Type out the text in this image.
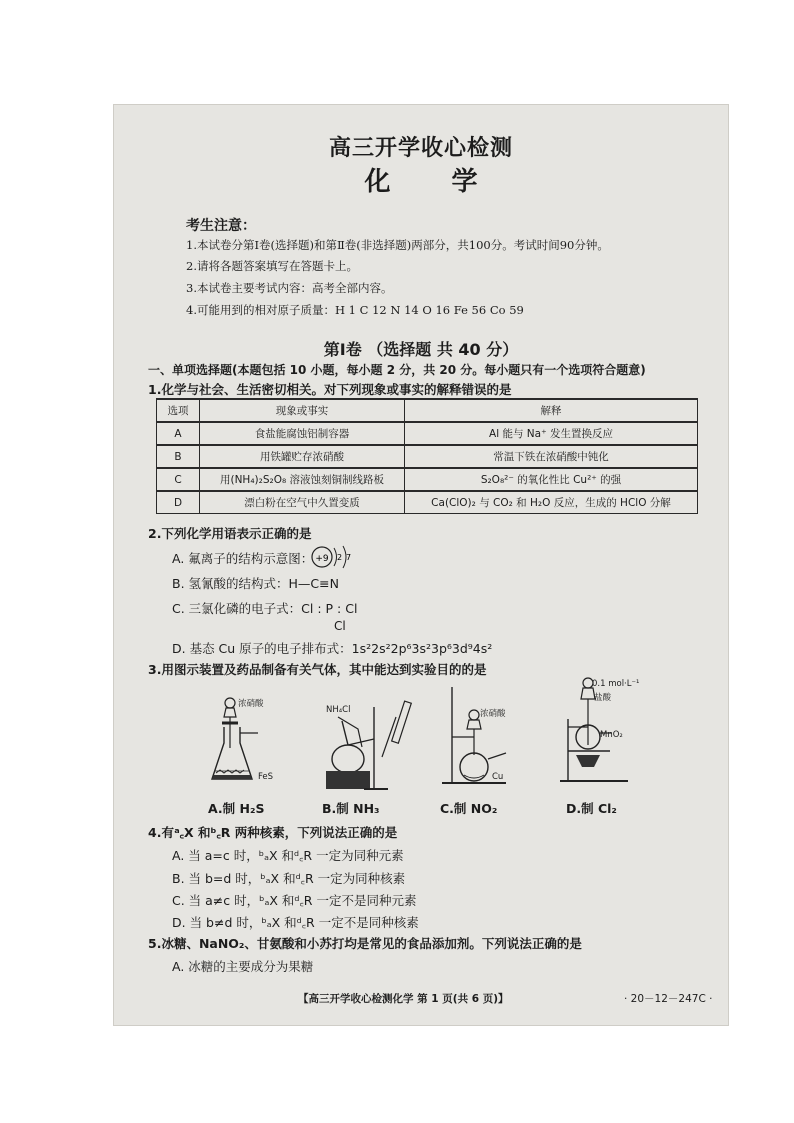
高三开学收心检测
化 学
考生注意：
1.本试卷分第Ⅰ卷(选择题)和第Ⅱ卷(非选择题)两部分，共100分。考试时间90分钟。
2.请将各题答案填写在答题卡上。
3.本试卷主要考试内容：高考全部内容。
4.可能用到的相对原子质量：H 1 C 12 N 14 O 16 Fe 56 Co 59
第Ⅰ卷 （选择题 共 40 分）
一、单项选择题(本题包括 10 小题，每小题 2 分，共 20 分。每小题只有一个选项符合题意)
1.化学与社会、生活密切相关。对下列现象或事实的解释错误的是
选项	现象或事实	解释
A	食盐能腐蚀铝制容器	Al 能与 Na⁺ 发生置换反应
B	用铁罐贮存浓硝酸	常温下铁在浓硝酸中钝化
C	用(NH₄)₂S₂O₈ 溶液蚀刻铜制线路板	S₂O₈²⁻ 的氧化性比 Cu²⁺ 的强
D	漂白粉在空气中久置变质	Ca(ClO)₂ 与 CO₂ 和 H₂O 反应，生成的 HClO 分解
2.下列化学用语表示正确的是
A. 氟离子的结构示意图： +9 2 7
B. 氢氰酸的结构式：H—C≡N
C. 三氯化磷的电子式：Cl : P : Cl
Cl
D. 基态 Cu 原子的电子排布式：1s²2s²2p⁶3s²3p⁶3d⁹4s²
3.用图示装置及药品制备有关气体，其中能达到实验目的的是
浓硝酸
FeS
A.制 H₂S
NH₄Cl
B.制 NH₃
浓硝酸
Cu
C.制 NO₂
0.1 mol·L⁻¹
盐酸
MnO₂
D.制 Cl₂
4.有ᵃ꜀X 和ᵇ꜀R 两种核素，下列说法正确的是
A. 当 a=c 时，ᵇₐX 和ᵈ꜀R 一定为同种元素
B. 当 b=d 时，ᵇₐX 和ᵈ꜀R 一定为同种核素
C. 当 a≠c 时，ᵇₐX 和ᵈ꜀R 一定不是同种元素
D. 当 b≠d 时，ᵇₐX 和ᵈ꜀R 一定不是同种核素
5.冰糖、NaNO₂、甘氨酸和小苏打均是常见的食品添加剂。下列说法正确的是
A. 冰糖的主要成分为果糖
【高三开学收心检测化学 第 1 页(共 6 页)】	· 20－12－247C ·
